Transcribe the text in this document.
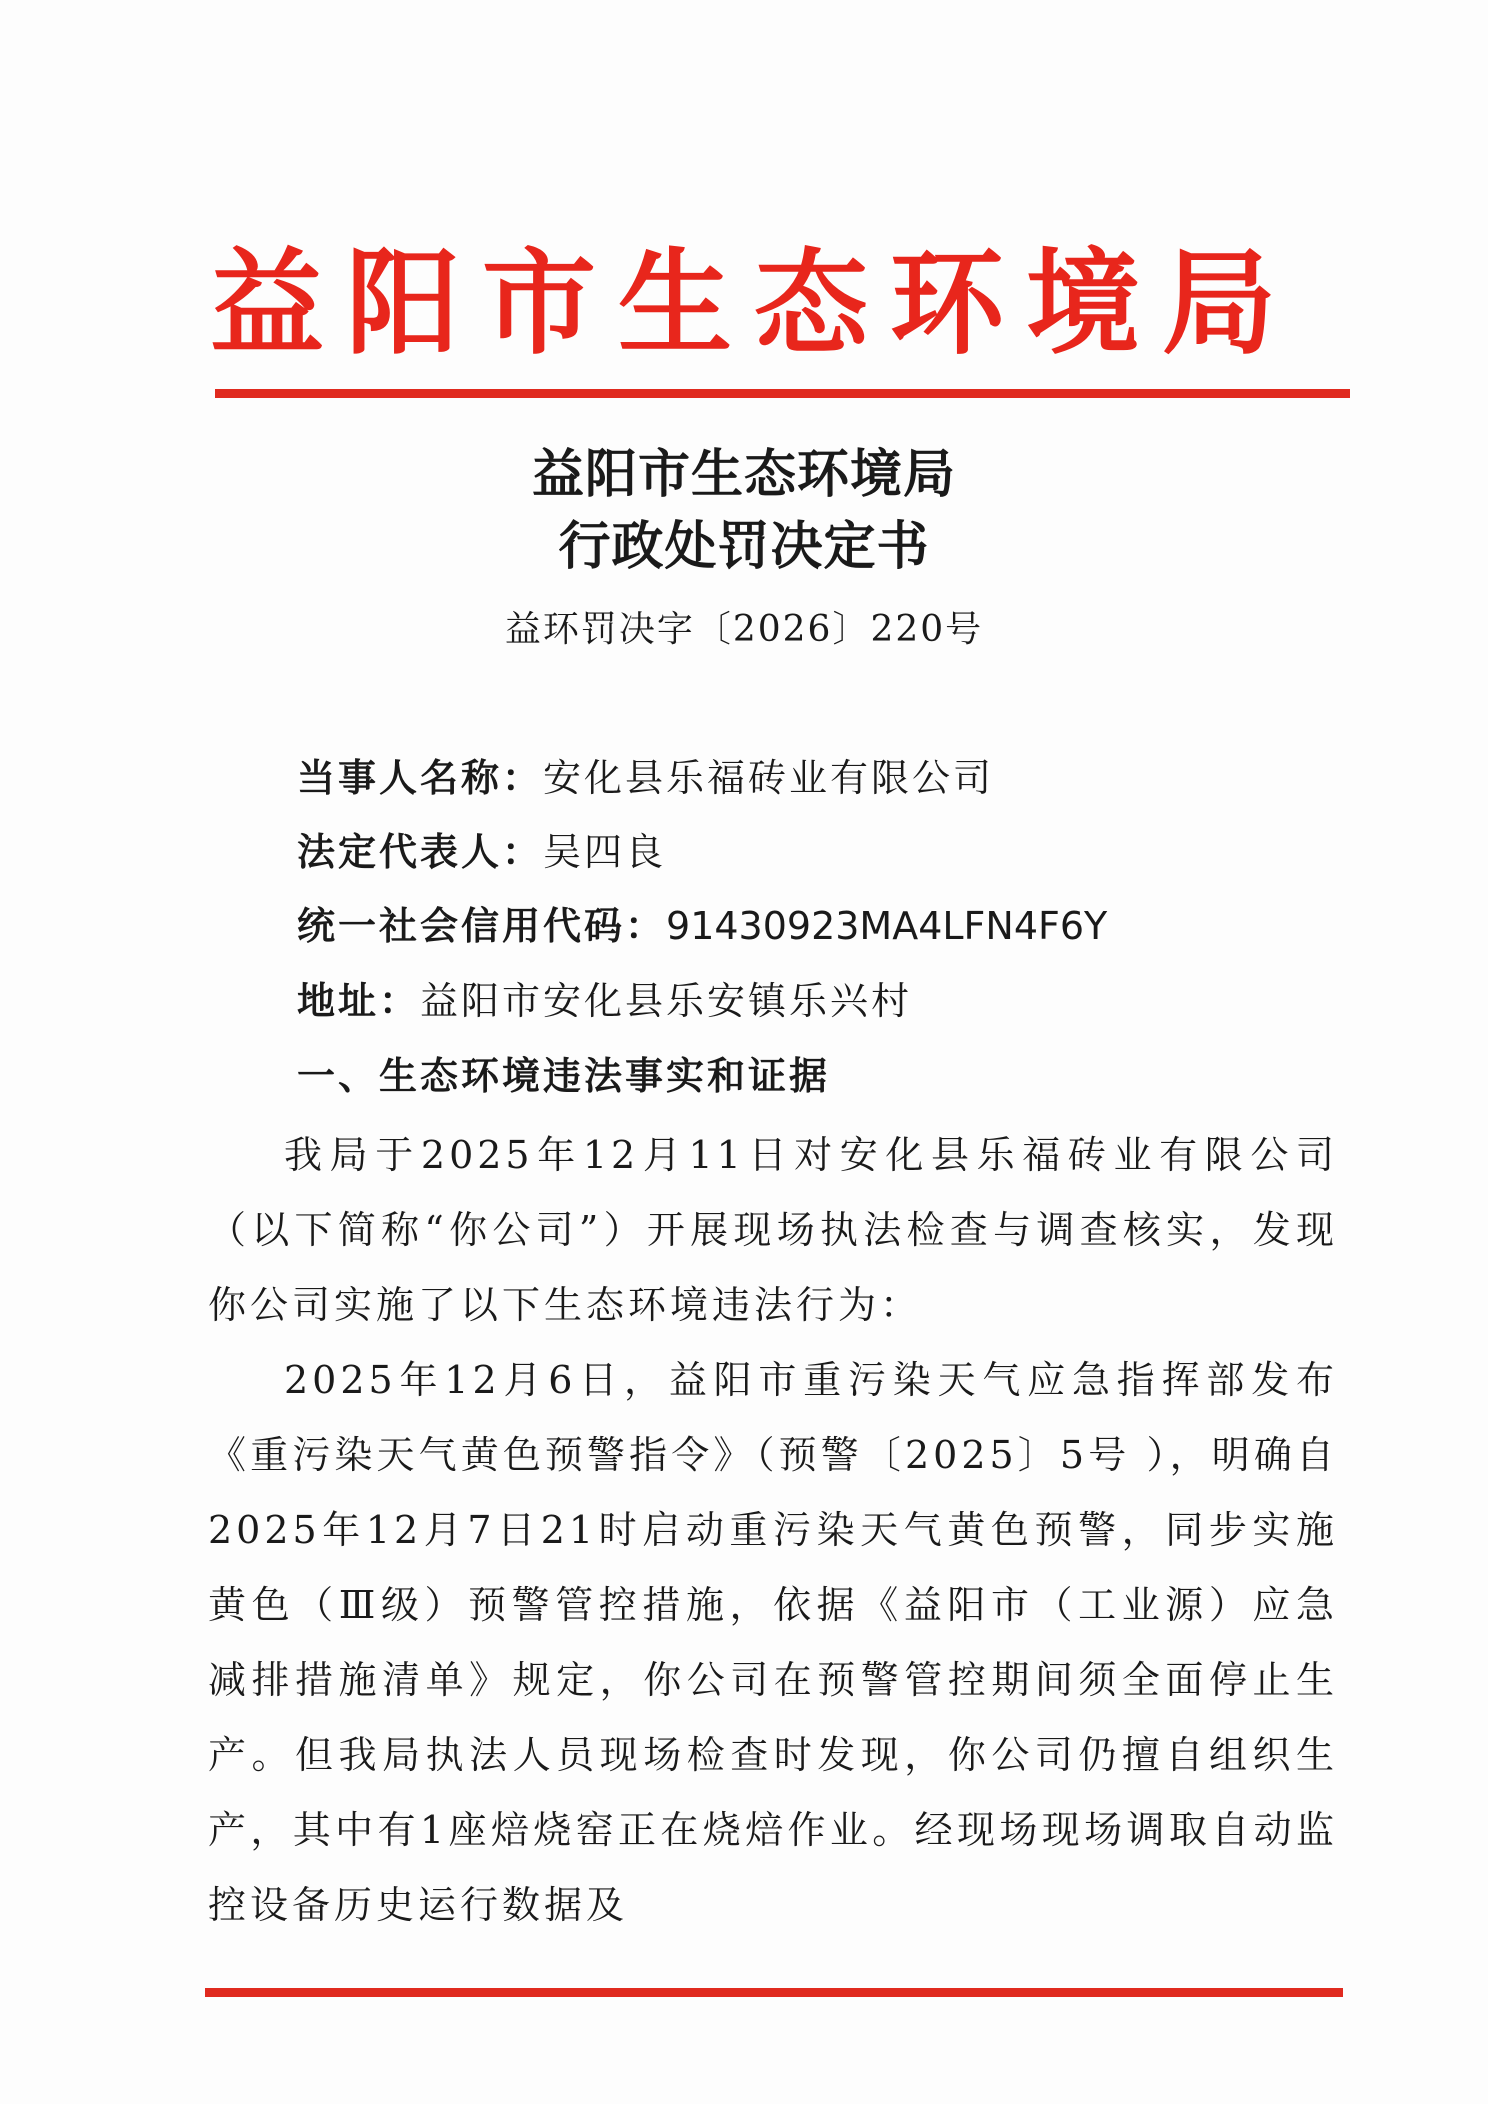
益阳市生态环境局
益阳市生态环境局
行政处罚决定书
益环罚决字〔2026〕220号
当事人名称：安化县乐福砖业有限公司
法定代表人：吴四良
统一社会信用代码：91430923MA4LFN4F6Y
地址：益阳市安化县乐安镇乐兴村
一、生态环境违法事实和证据

我局于2025年12月11日对安化县乐福砖业有限公司（以下简称“你公司”）开展现场执法检查与调查核实，发现你公司实施了以下生态环境违法行为：

2025年12月6日，益阳市重污染天气应急指挥部发布《重污染天气黄色预警指令》（预警〔2025〕5号 ），明确自2025年12月7日21时启动重污染天气黄色预警，同步实施黄色（Ⅲ级）预警管控措施，依据《益阳市（工业源）应急减排措施清单》规定，你公司在预警管控期间须全面停止生产。但我局执法人员现场检查时发现，你公司仍擅自组织生产，其中有1座焙烧窑正在烧焙作业。经现场现场调取自动监控设备历史运行数据及
